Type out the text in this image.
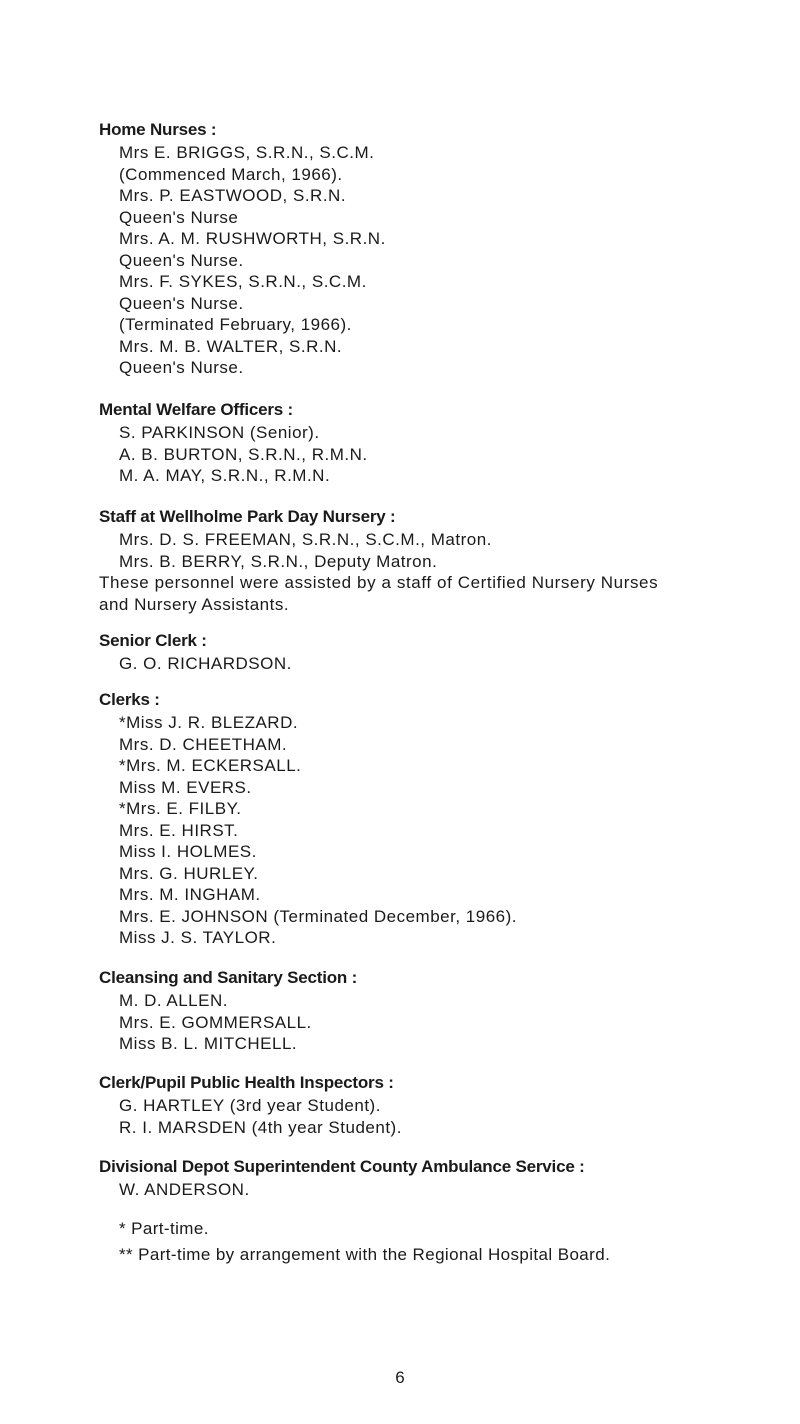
Home Nurses :
Mrs E. BRIGGS, S.R.N., S.C.M.
(Commenced March, 1966).
Mrs. P. EASTWOOD, S.R.N.
Queen's Nurse
Mrs. A. M. RUSHWORTH, S.R.N.
Queen's Nurse.
Mrs. F. SYKES, S.R.N., S.C.M.
Queen's Nurse.
(Terminated February, 1966).
Mrs. M. B. WALTER, S.R.N.
Queen's Nurse.
Mental Welfare Officers :
S. PARKINSON (Senior).
A. B. BURTON, S.R.N., R.M.N.
M. A. MAY, S.R.N., R.M.N.
Staff at Wellholme Park Day Nursery :
Mrs. D. S. FREEMAN, S.R.N., S.C.M., Matron.
Mrs. B. BERRY, S.R.N., Deputy Matron.
These personnel were assisted by a staff of Certified Nursery Nurses
and Nursery Assistants.
Senior Clerk :
G. O. RICHARDSON.
Clerks :
*Miss J. R. BLEZARD.
Mrs. D. CHEETHAM.
*Mrs. M. ECKERSALL.
Miss M. EVERS.
*Mrs. E. FILBY.
Mrs. E. HIRST.
Miss I. HOLMES.
Mrs. G. HURLEY.
Mrs. M. INGHAM.
Mrs. E. JOHNSON (Terminated December, 1966).
Miss J. S. TAYLOR.
Cleansing and Sanitary Section :
M. D. ALLEN.
Mrs. E. GOMMERSALL.
Miss B. L. MITCHELL.
Clerk/Pupil Public Health Inspectors :
G. HARTLEY (3rd year Student).
R. I. MARSDEN (4th year Student).
Divisional Depot Superintendent County Ambulance Service :
W. ANDERSON.
* Part-time.
** Part-time by arrangement with the Regional Hospital Board.
6
